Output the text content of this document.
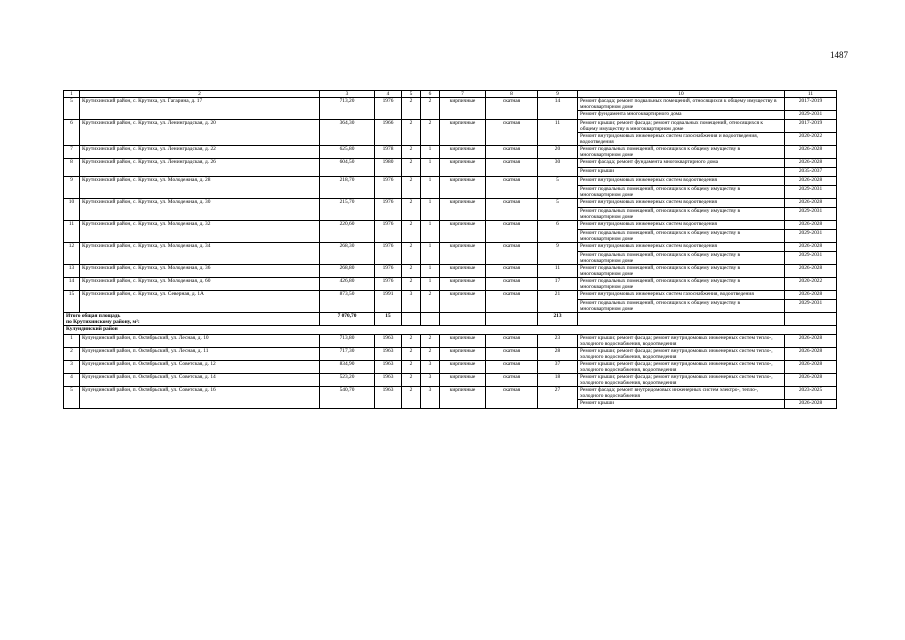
1487
1	2	3	4	5	6	7	8	9	10	11
5	Крутихинский район, с. Крутиха, ул. Гагарина, д. 17	713,20	1976	2	2	кирпичные	скатная	14	Ремонт фасада; ремонт подвальных помещений, относящихся к общему имуществу в многоквартирном доме	2017-2019
									Ремонт фундамента многоквартирного дома	2029-2031
6	Крутихинский район, с. Крутиха, ул. Ленинградская, д. 20	364,30	1966	2	2	кирпичные	скатная	11	Ремонт крыши; ремонт фасада; ремонт подвальных помещений, относящихся к общему имуществу в многоквартирном доме	2017-2019
									Ремонт внутридомовых инженерных систем газоснабжения и водоотведения, водоотведения	2020-2022
7	Крутихинский район, с. Крутиха, ул. Ленинградская, д. 22	625,80	1978	2	1	кирпичные	скатная	20	Ремонт подвальных помещений, относящихся к общему имуществу в многоквартирном доме	2026-2028
8	Крутихинский район, с. Крутиха, ул. Ленинградская, д. 26	604,50	1980	2	1	кирпичные	скатная	30	Ремонт фасада; ремонт фундамента многоквартирного дома	2026-2028
									Ремонт крыши	2035-2037
9	Крутихинский район, с. Крутиха, ул. Молодежная, д. 28	218,70	1976	2	1	кирпичные	скатная	5	Ремонт внутридомовых инженерных систем водоотведения	2026-2028
									Ремонт подвальных помещений, относящихся к общему имуществу в многоквартирном доме	2029-2031
10	Крутихинский район, с. Крутиха, ул. Молодежная, д. 30	215,70	1976	2	1	кирпичные	скатная	5	Ремонт внутридомовых инженерных систем водоотведения	2026-2028
									Ремонт подвальных помещений, относящихся к общему имуществу в многоквартирном доме	2029-2031
11	Крутихинский район, с. Крутиха, ул. Молодежная, д. 32	220,60	1976	2	1	кирпичные	скатная	6	Ремонт внутридомовых инженерных систем водоотведения	2026-2028
									Ремонт подвальных помещений, относящихся к общему имуществу в многоквартирном доме	2029-2031
12	Крутихинский район, с. Крутиха, ул. Молодежная, д. 34	268,30	1976	2	1	кирпичные	скатная	9	Ремонт внутридомовых инженерных систем водоотведения	2026-2028
									Ремонт подвальных помещений, относящихся к общему имуществу в многоквартирном доме	2029-2031
13	Крутихинский район, с. Крутиха, ул. Молодежная, д. 36	268,80	1976	2	1	кирпичные	скатная	11	Ремонт подвальных помещений, относящихся к общему имуществу в многоквартирном доме	2026-2028
14	Крутихинский район, с. Крутиха, ул. Молодежная, д. 60	426,80	1976	2	1	кирпичные	скатная	17	Ремонт подвальных помещений, относящихся к общему имуществу в многоквартирном доме	2020-2022
15	Крутихинский район, с. Крутиха, ул. Северная, д. 1А	873,50	1991	3	2	кирпичные	скатная	21	Ремонт внутридомовых инженерных систем газоснабжения, водоотведения	2026-2028
									Ремонт подвальных помещений, относящихся к общему имуществу в многоквартирном доме	2029-2031

Итого общая площадь
по Крутихинскому району, м²:		7 070,70	15					213		
Кулундинский район										
1	Кулундинский район, п. Октябрьский, ул. Лесная, д. 10	713,80	1963	2	2	кирпичные	скатная	23	Ремонт крыши; ремонт фасада; ремонт внутридомовых инженерных систем тепло-, холодного водоснабжения, водоотведения	2026-2028
2	Кулундинский район, п. Октябрьский, ул. Лесная, д. 11	717,30	1963	2	2	кирпичные	скатная	28	Ремонт крыши; ремонт фасада; ремонт внутридомовых инженерных систем тепло-, холодного водоснабжения, водоотведения	2026-2028
3	Кулундинский район, п. Октябрьский, ул. Советская, д. 12	834,90	1963	2	3	кирпичные	скатная	37	Ремонт крыши; ремонт фасада; ремонт внутридомовых инженерных систем тепло-, холодного водоснабжения, водоотведения	2026-2028
4	Кулундинский район, п. Октябрьский, ул. Советская, д. 14	523,20	1963	2	3	кирпичные	скатная	18	Ремонт крыши; ремонт фасада; ремонт внутридомовых инженерных систем тепло-, холодного водоснабжения, водоотведения	2026-2028
5	Кулундинский район, п. Октябрьский, ул. Советская, д. 16	540,70	1963	2	3	кирпичные	скатная	27	Ремонт фасада; ремонт внутридомовых инженерных систем электро-, тепло-, холодного водоснабжения	2023-2025
									Ремонт крыши	2026-2028
